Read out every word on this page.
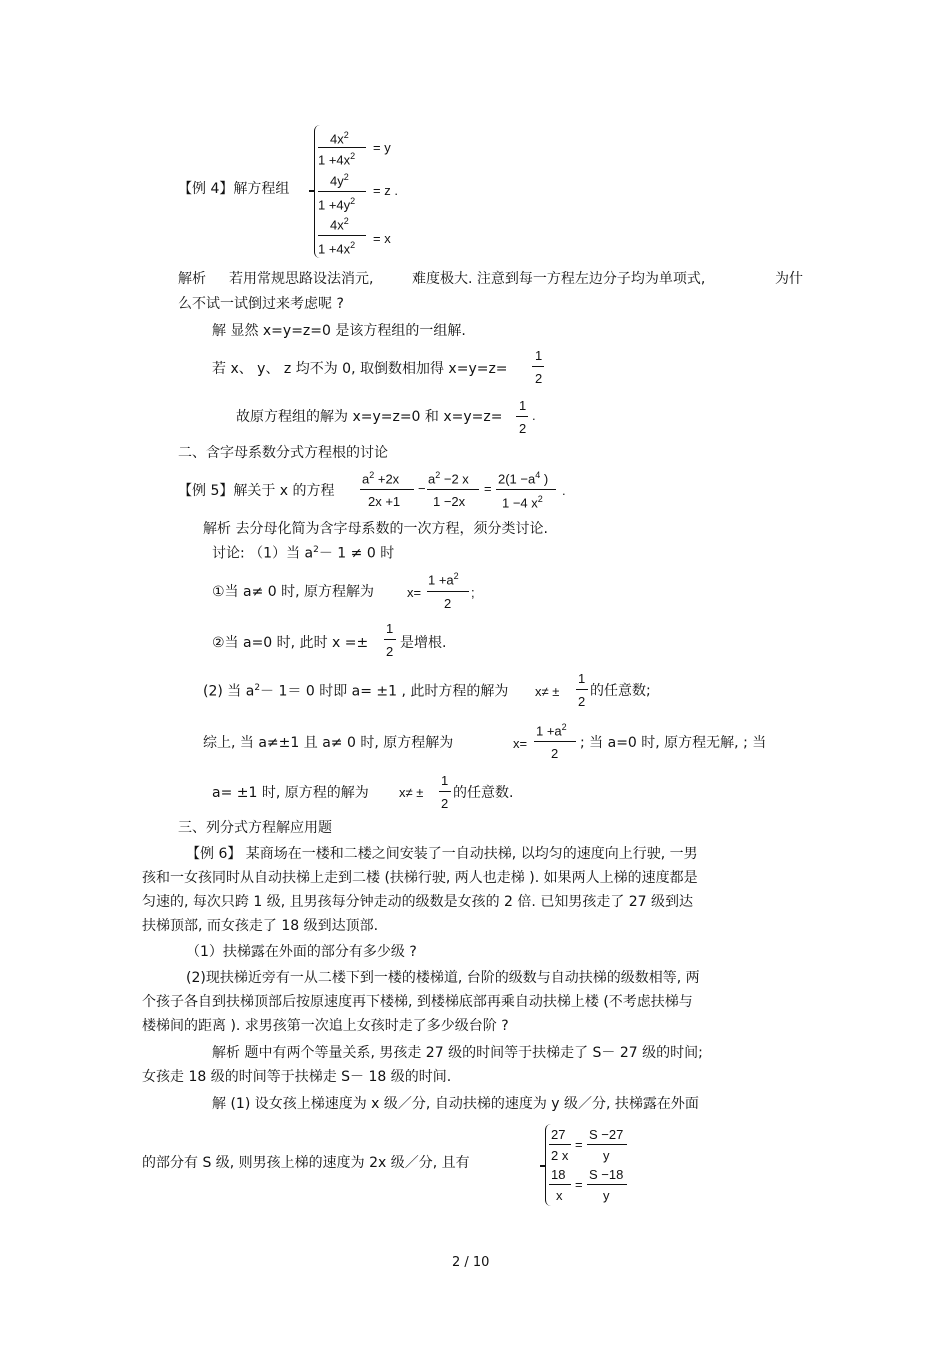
【例 4】解方程组
$4x^2$
$1 +4x^2$
= y
$4y^2$
$1 +4y^2$
= z .
$4x^2$
$1 +4x^2 = x$
解析 若用常规思路设法消元,	难度极大. 注意到每一方程左边分子均为单项式,	为什
么不试一试倒过来考虑呢 ?
解 显然 x=y=z=0 是该方程组的一组解.
若 x、 y、 z 均不为 0, 取倒数相加得 x=y=z=
1
2
故原方程组的解为 x=y=z=0 和 x=y=z=
1
2
.
二、含字母系数分式方程根的讨论
【例 5】解关于 x 的方程
$a^2 +2x$
2x +1
−
$a^2 -2$ x
1 −2x
=
$2(1 -a^4$ )
1 −4 $x^2$
.
解析 去分母化简为含字母系数的一次方程，须分类讨论.
讨论: （1）当 $a^2- 1 \ne 0$ 时
①当 a≠ 0 时, 原方程解为	x=
$1 +a^2$
2
;
②当 a=0 时, 此时 x =±
1
2
是增根.
(2) 当 $a^2- 1= 0$ 时即 a= ±1 , 此时方程的解为 x≠ ±
1
2
的任意数;
综上, 当 a≠±1 且 a≠ 0 时, 原方程解为	x=
$1 +a^2$
2
; 当 a=0 时, 原方程无解, ; 当
a= ±1 时, 原方程的解为 x≠ ±
1
2
的任意数.
三、列分式方程解应用题
【例 6】 某商场在一楼和二楼之间安装了一自动扶梯, 以均匀的速度向上行驶, 一男
孩和一女孩同时从自动扶梯上走到二楼 (扶梯行驶, 两人也走梯 ). 如果两人上梯的速度都是
匀速的, 每次只跨 1 级, 且男孩每分钟走动的级数是女孩的 2 倍. 已知男孩走了 27 级到达
扶梯顶部, 而女孩走了 18 级到达顶部.
（1）扶梯露在外面的部分有多少级 ?
(2)现扶梯近旁有一从二楼下到一楼的楼梯道, 台阶的级数与自动扶梯的级数相等, 两
个孩子各自到扶梯顶部后按原速度再下楼梯, 到楼梯底部再乘自动扶梯上楼 (不考虑扶梯与
楼梯间的距离 ). 求男孩第一次追上女孩时走了多少级台阶 ?
解析 题中有两个等量关系, 男孩走 27 级的时间等于扶梯走了 S－ 27 级的时间;
女孩走 18 级的时间等于扶梯走 S－ 18 级的时间.
解 (1) 设女孩上梯速度为 x 级／分, 自动扶梯的速度为 y 级／分, 扶梯露在外面
的部分有 S 级, 则男孩上梯的速度为 2x 级／分, 且有
27
2 x
=
S −27
y
18
x
=
S −18
y
2 / 10
